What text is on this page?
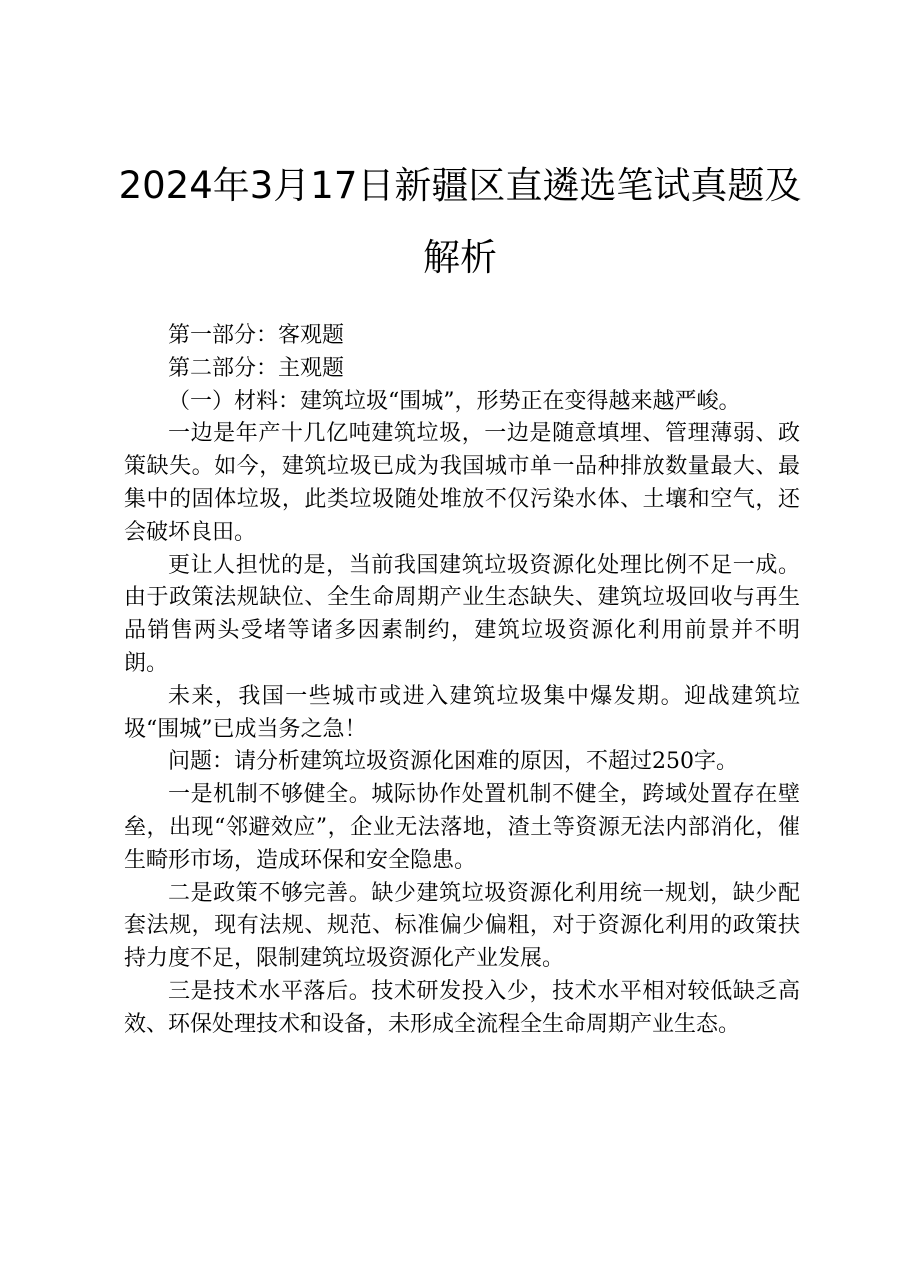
2024年3月17日新疆区直遴选笔试真题及解析

第一部分：客观题

第二部分：主观题

（一）材料：建筑垃圾“围城”，形势正在变得越来越严峻。

一边是年产十几亿吨建筑垃圾，一边是随意填埋、管理薄弱、政策缺失。如今，建筑垃圾已成为我国城市单一品种排放数量最大、最集中的固体垃圾，此类垃圾随处堆放不仅污染水体、土壤和空气，还会破坏良田。

更让人担忧的是，当前我国建筑垃圾资源化处理比例不足一成。由于政策法规缺位、全生命周期产业生态缺失、建筑垃圾回收与再生品销售两头受堵等诸多因素制约，建筑垃圾资源化利用前景并不明朗。

未来，我国一些城市或进入建筑垃圾集中爆发期。迎战建筑垃圾“围城”已成当务之急！

问题：请分析建筑垃圾资源化困难的原因，不超过250字。

一是机制不够健全。城际协作处置机制不健全，跨域处置存在壁垒，出现“邻避效应”，企业无法落地，渣土等资源无法内部消化，催生畸形市场，造成环保和安全隐患。

二是政策不够完善。缺少建筑垃圾资源化利用统一规划，缺少配套法规，现有法规、规范、标准偏少偏粗，对于资源化利用的政策扶持力度不足，限制建筑垃圾资源化产业发展。

三是技术水平落后。技术研发投入少，技术水平相对较低缺乏高效、环保处理技术和设备，未形成全流程全生命周期产业生态。
